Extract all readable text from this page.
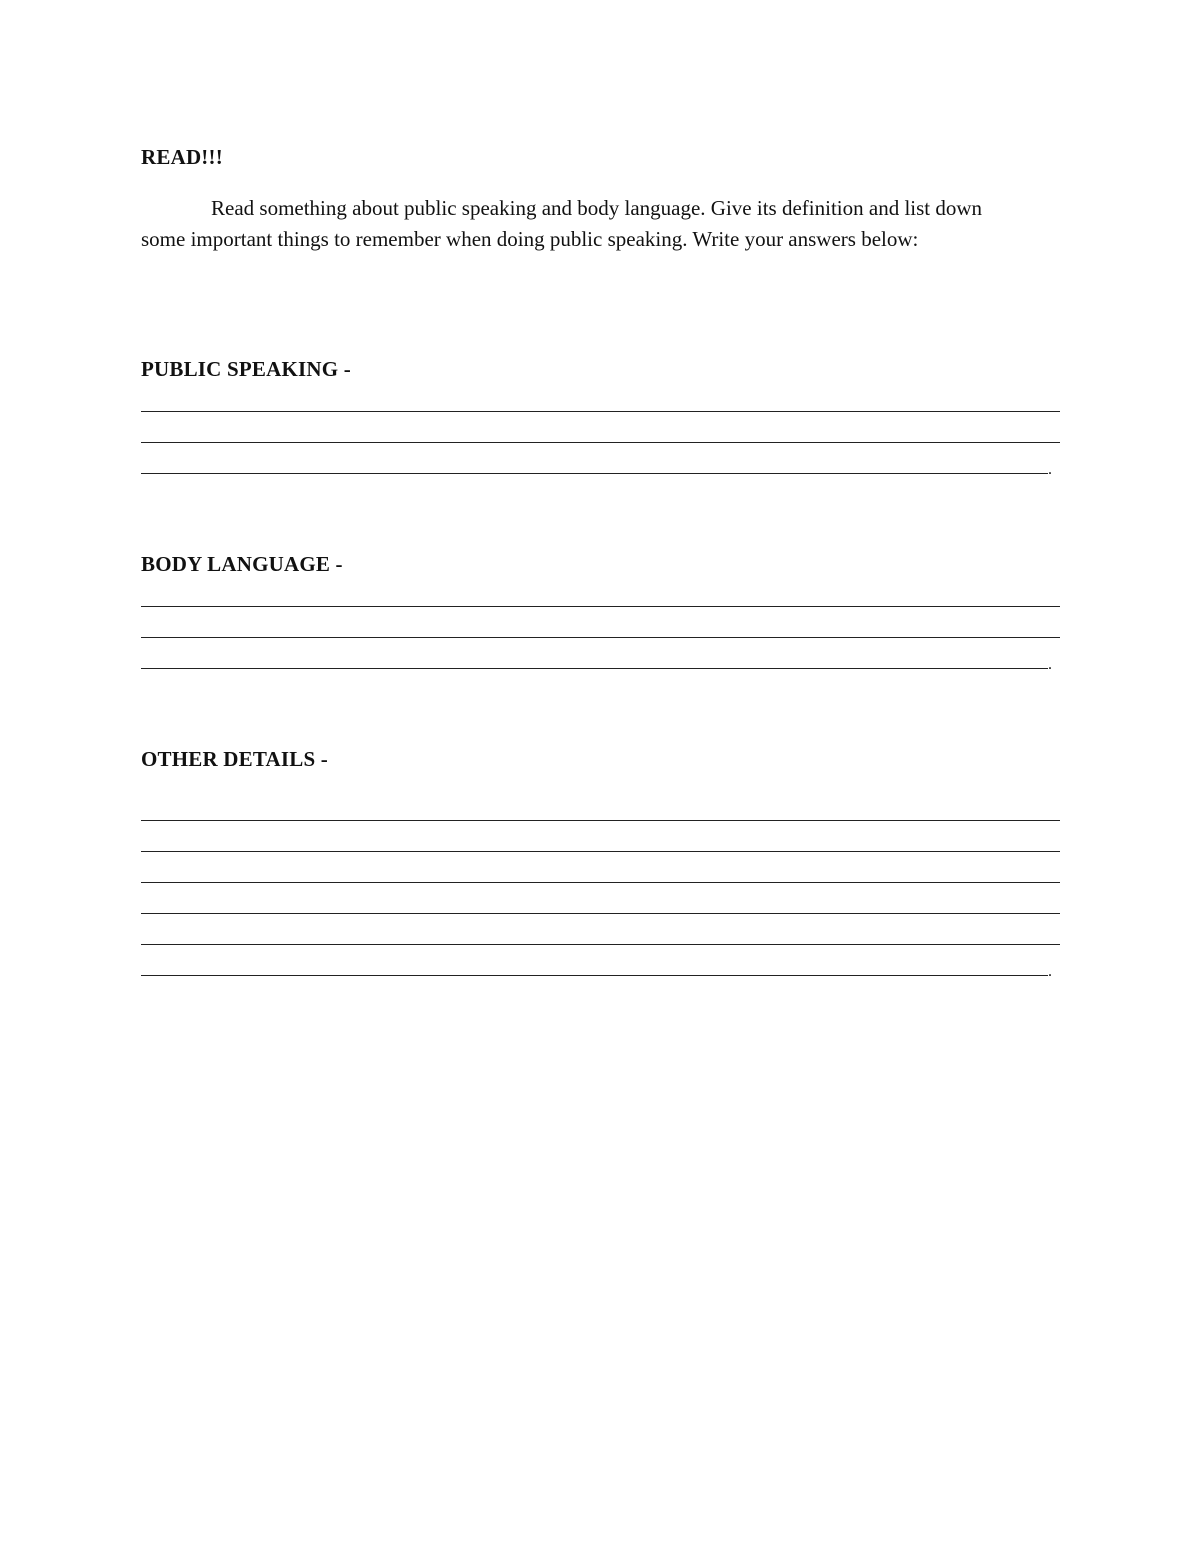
READ!!!

Read something about public speaking and body language. Give its definition and list down some important things to remember when doing public speaking. Write your answers below:

PUBLIC SPEAKING -
.
BODY LANGUAGE -
.
OTHER DETAILS -
.
